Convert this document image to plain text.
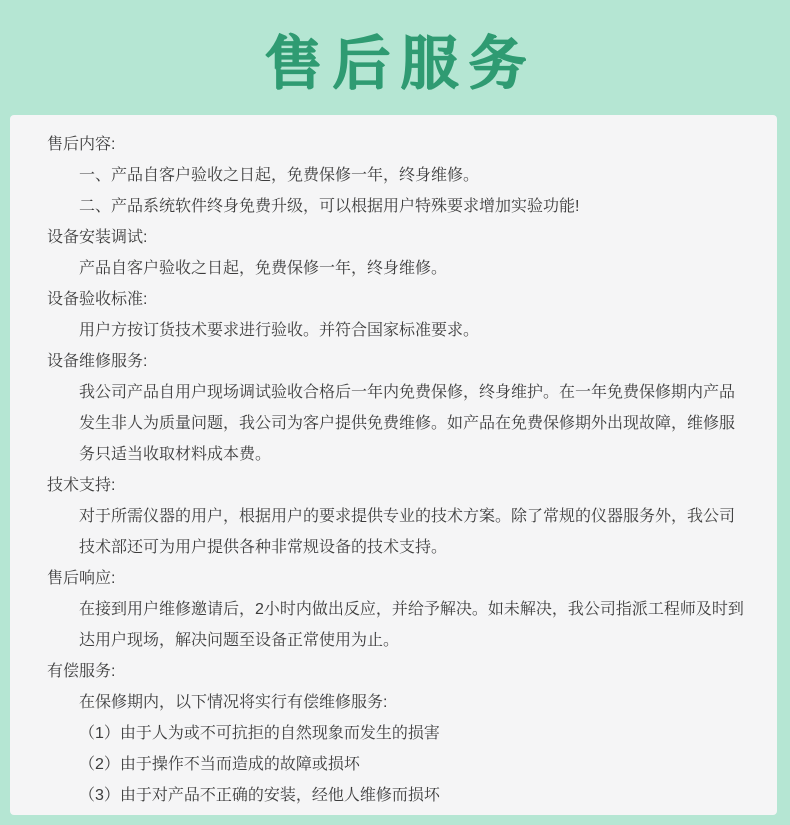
售后服务

售后内容:

一、产品自客户验收之日起，免费保修一年，终身维修。

二、产品系统软件终身免费升级，可以根据用户特殊要求增加实验功能!

设备安装调试:

产品自客户验收之日起，免费保修一年，终身维修。

设备验收标准:

用户方按订货技术要求进行验收。并符合国家标准要求。

设备维修服务:

我公司产品自用户现场调试验收合格后一年内免费保修，终身维护。在一年免费保修期内产品发生非人为质量问题，我公司为客户提供免费维修。如产品在免费保修期外出现故障，维修服务只适当收取材料成本费。

技术支持:

对于所需仪器的用户，根据用户的要求提供专业的技术方案。除了常规的仪器服务外，我公司技术部还可为用户提供各种非常规设备的技术支持。

售后响应:

在接到用户维修邀请后，2小时内做出反应，并给予解决。如未解决，我公司指派工程师及时到达用户现场，解决问题至设备正常使用为止。

有偿服务:

在保修期内，以下情况将实行有偿维修服务:

（1）由于人为或不可抗拒的自然现象而发生的损害

（2）由于操作不当而造成的故障或损坏

（3）由于对产品不正确的安装，经他人维修而损坏
